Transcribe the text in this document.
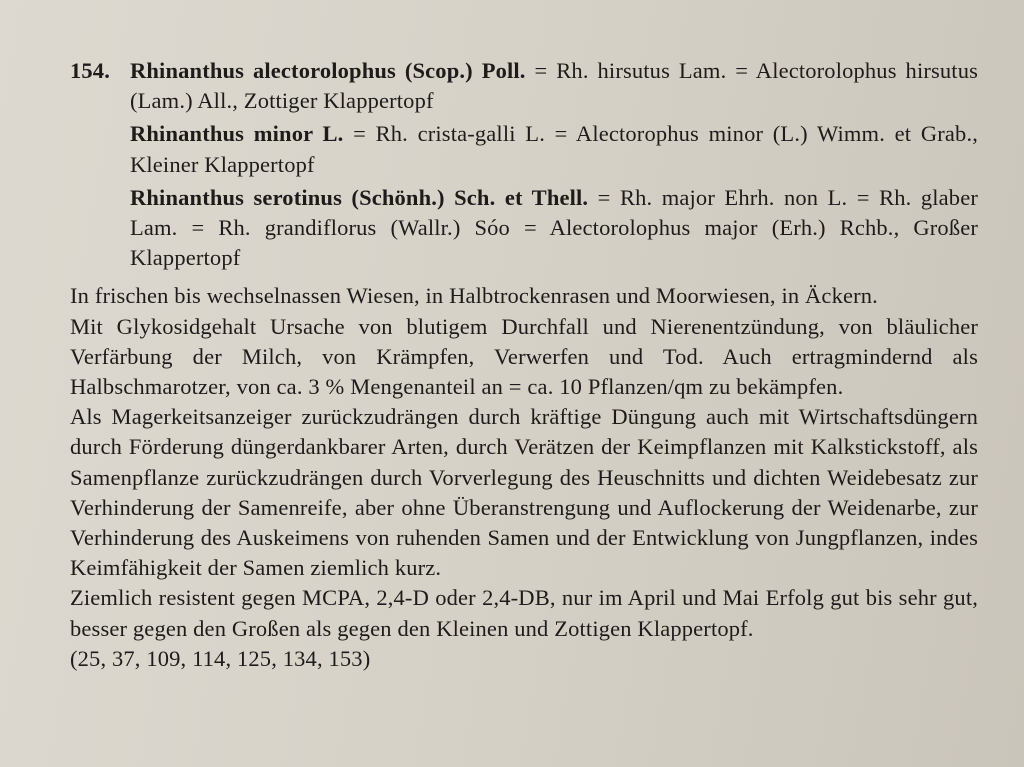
154. Rhinanthus alectorolophus (Scop.) Poll. = Rh. hirsutus Lam. = Alectorolophus hirsutus (Lam.) All., Zottiger Klappertopf
Rhinanthus minor L. = Rh. crista-galli L. = Alectorophus minor (L.) Wimm. et Grab., Kleiner Klappertopf
Rhinanthus serotinus (Schönh.) Sch. et Thell. = Rh. major Ehrh. non L. = Rh. glaber Lam. = Rh. grandiflorus (Wallr.) Sóo = Alectorolophus major (Erh.) Rchb., Großer Klappertopf
In frischen bis wechselnassen Wiesen, in Halbtrockenrasen und Moorwiesen, in Äckern.
Mit Glykosidgehalt Ursache von blutigem Durchfall und Nierenentzündung, von bläulicher Verfärbung der Milch, von Krämpfen, Verwerfen und Tod. Auch ertragmindernd als Halbschmarotzer, von ca. 3 % Mengenanteil an = ca. 10 Pflanzen/qm zu bekämpfen.
Als Magerkeitsanzeiger zurückzudrängen durch kräftige Düngung auch mit Wirtschaftsdüngern durch Förderung düngerdankbarer Arten, durch Verätzen der Keimpflanzen mit Kalkstickstoff, als Samenpflanze zurückzudrängen durch Vorverlegung des Heuschnitts und dichten Weidebesatz zur Verhinderung der Samenreife, aber ohne Überanstrengung und Auflockerung der Weidenarbe, zur Verhinderung des Auskeimens von ruhenden Samen und der Entwicklung von Jungpflanzen, indes Keimfähigkeit der Samen ziemlich kurz.
Ziemlich resistent gegen MCPA, 2,4-D oder 2,4-DB, nur im April und Mai Erfolg gut bis sehr gut, besser gegen den Großen als gegen den Kleinen und Zottigen Klappertopf.
(25, 37, 109, 114, 125, 134, 153)
